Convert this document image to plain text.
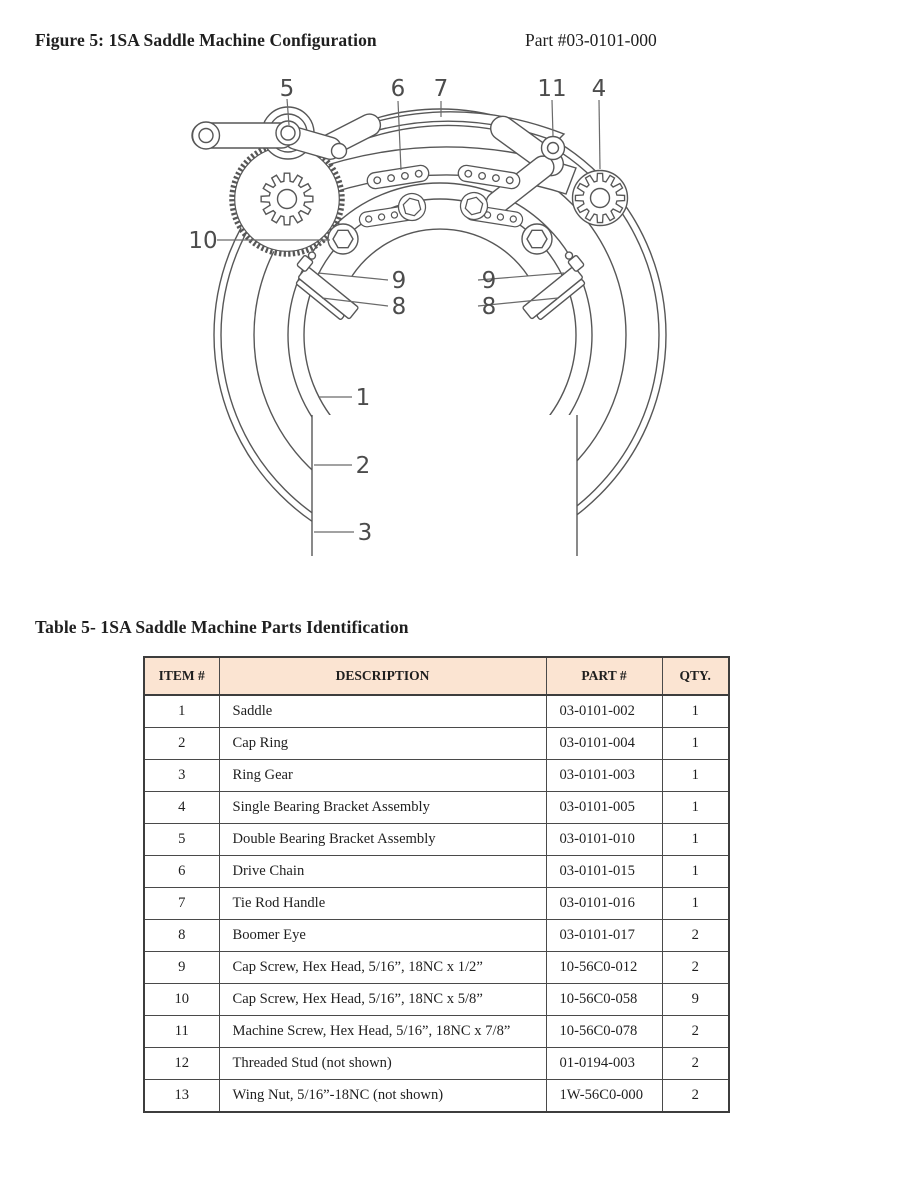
Figure 5: 1SA Saddle Machine Configuration	Part #03-0101-000
5	6 7	11 4
10
9
8
9
8
1
2
3
Table 5- 1SA Saddle Machine Parts Identification
ITEM #	DESCRIPTION	PART #	QTY.
1	Saddle	03-0101-002	1
2	Cap Ring	03-0101-004	1
3	Ring Gear	03-0101-003	1
4	Single Bearing Bracket Assembly	03-0101-005	1
5	Double Bearing Bracket Assembly	03-0101-010	1
6	Drive Chain	03-0101-015	1
7	Tie Rod Handle	03-0101-016	1
8	Boomer Eye	03-0101-017	2
9	Cap Screw, Hex Head, 5/16”, 18NC x 1/2”	10-56C0-012	2
10	Cap Screw, Hex Head, 5/16”, 18NC x 5/8”	10-56C0-058	9
11	Machine Screw, Hex Head, 5/16”, 18NC x 7/8”	10-56C0-078	2
12	Threaded Stud (not shown)	01-0194-003	2
13	Wing Nut, 5/16”-18NC (not shown)	1W-56C0-000	2
